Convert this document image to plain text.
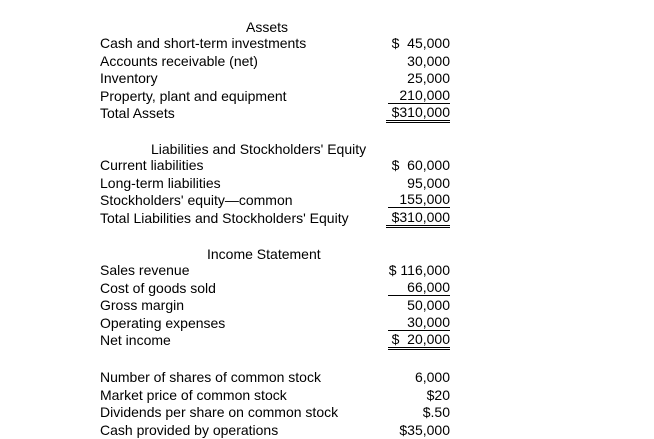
Assets
Cash and short-term investments	$  45,000
Accounts receivable (net)	30,000
Inventory	25,000
Property, plant and equipment	210,000
Total Assets	$310,000
Liabilities and Stockholders' Equity
Current liabilities	$  60,000
Long-term liabilities	95,000
Stockholders' equity—common	155,000
Total Liabilities and Stockholders' Equity	$310,000
Income Statement
Sales revenue	$ 116,000
Cost of goods sold	66,000
Gross margin	50,000
Operating expenses	30,000
Net income	$  20,000
Number of shares of common stock	6,000
Market price of common stock	$20
Dividends per share on common stock	$.50
Cash provided by operations	$35,000
